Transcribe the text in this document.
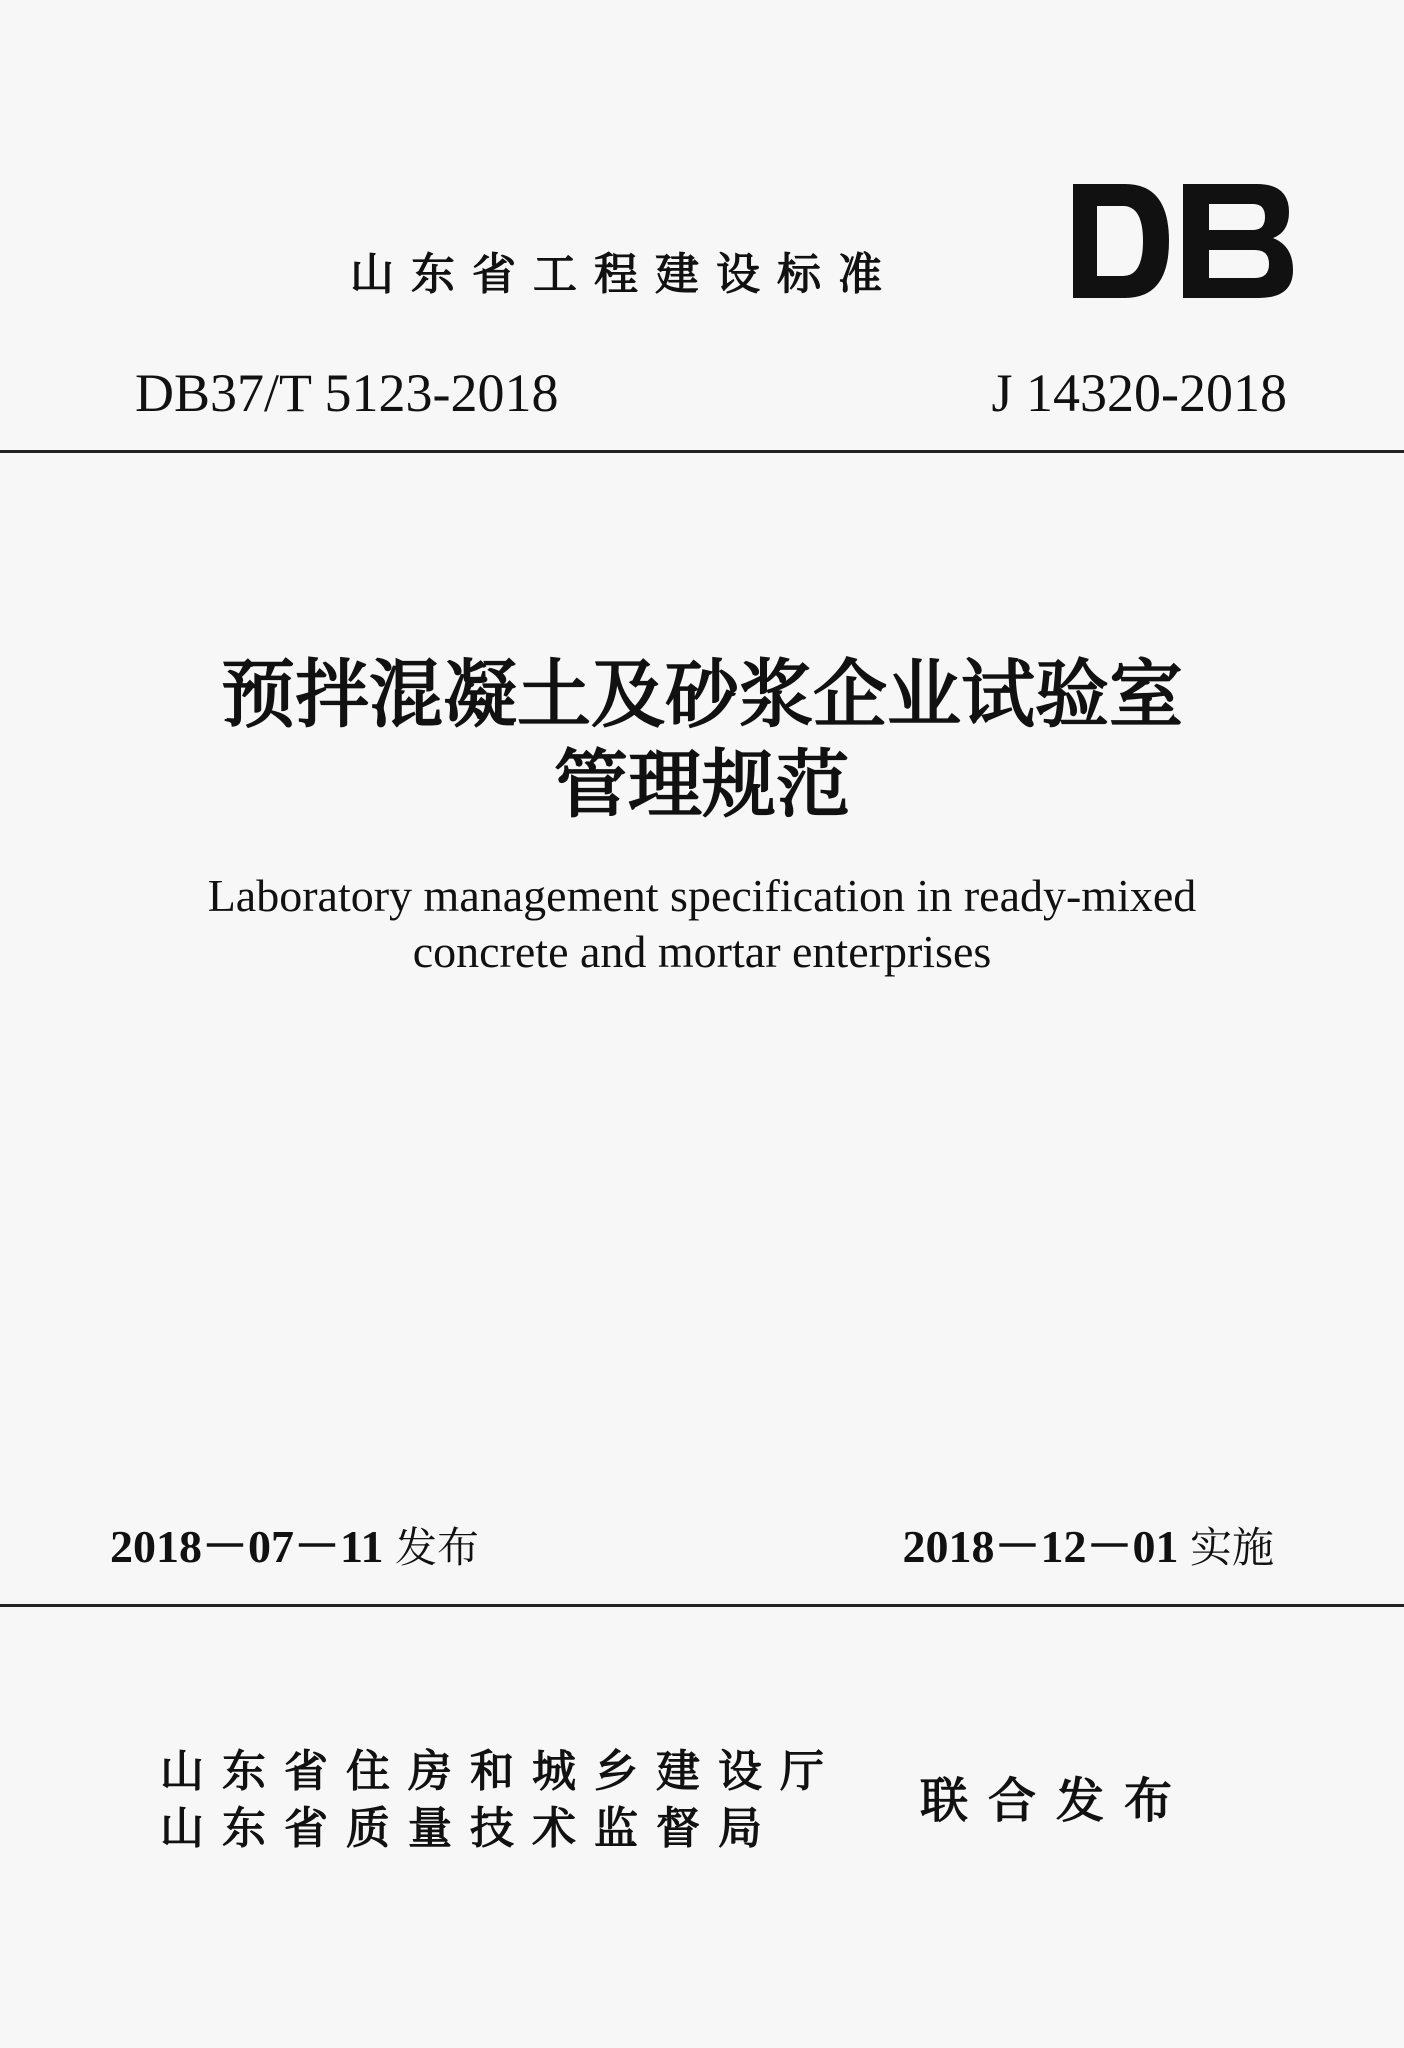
山东省工程建设标准
DB37/T 5123-2018	J 14320-2018
预拌混凝土及砂浆企业试验室
管理规范
Laboratory management specification in ready-mixed
concrete and mortar enterprises
2018－07－11 发布	2018－12－01 实施
山东省住房和城乡建设厅
山东省质量技术监督局	联合发布
